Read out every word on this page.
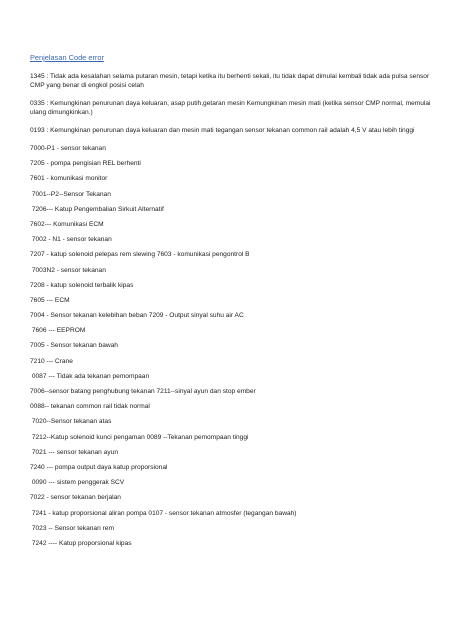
Penjelasan Code error
1345 : Tidak ada kesalahan selama putaran mesin, tetapi ketika itu berhenti sekali, itu tidak dapat dimulai kembali tidak ada pulsa sensor CMP yang benar di engkol posisi celah
0335 : Kemungkinan penurunan daya keluaran, asap putih,getaran mesin Kemungkinan mesin mati (ketika sensor CMP normal, memulai ulang dimungkinkan.)
0193 : Kemungkinan penurunan daya keluaran dan mesin mati tegangan sensor tekanan common rail adalah 4,5 V atau lebih tinggi
7000-P1 - sensor tekanan
7205 - pompa pengisian REL berhenti
7601 - komunikasi monitor
7001--P2--Sensor Tekanan
7206--- Katup Pengembalian Sirkuit Alternatif
7602--- Komunikasi ECM
7002 - N1 - sensor tekanan
7207 - katup solenoid pelepas rem slewing 7603 - komunikasi pengontrol B
7003N2 - sensor tekanan
7208 - katup solenoid terbalik kipas
7605 --- ECM
7004 - Sensor tekanan kelebihan beban 7209 - Output sinyal suhu air AC
7606 --- EEPROM
7005 - Sensor tekanan bawah
7210 --- Crane
0087 --- Tidak ada tekanan pemompaan
7006--sensor batang penghubung tekanan 7211--sinyal ayun dan stop ember
0088-- tekanan common rail tidak normal
7020--Sensor tekanan atas
7212--Katup solenoid kunci pengaman 0089 --Tekanan pemompaan tinggi
7021 --- sensor tekanan ayun
7240 --- pompa output daya katup proporsional
0090 --- sistem penggerak SCV
7022 - sensor tekanan berjalan
7241 - katup proporsional aliran pompa 0107 - sensor tekanan atmosfer (tegangan bawah)
7023 -- Sensor tekanan rem
7242 ---- Katup proporsional kipas
